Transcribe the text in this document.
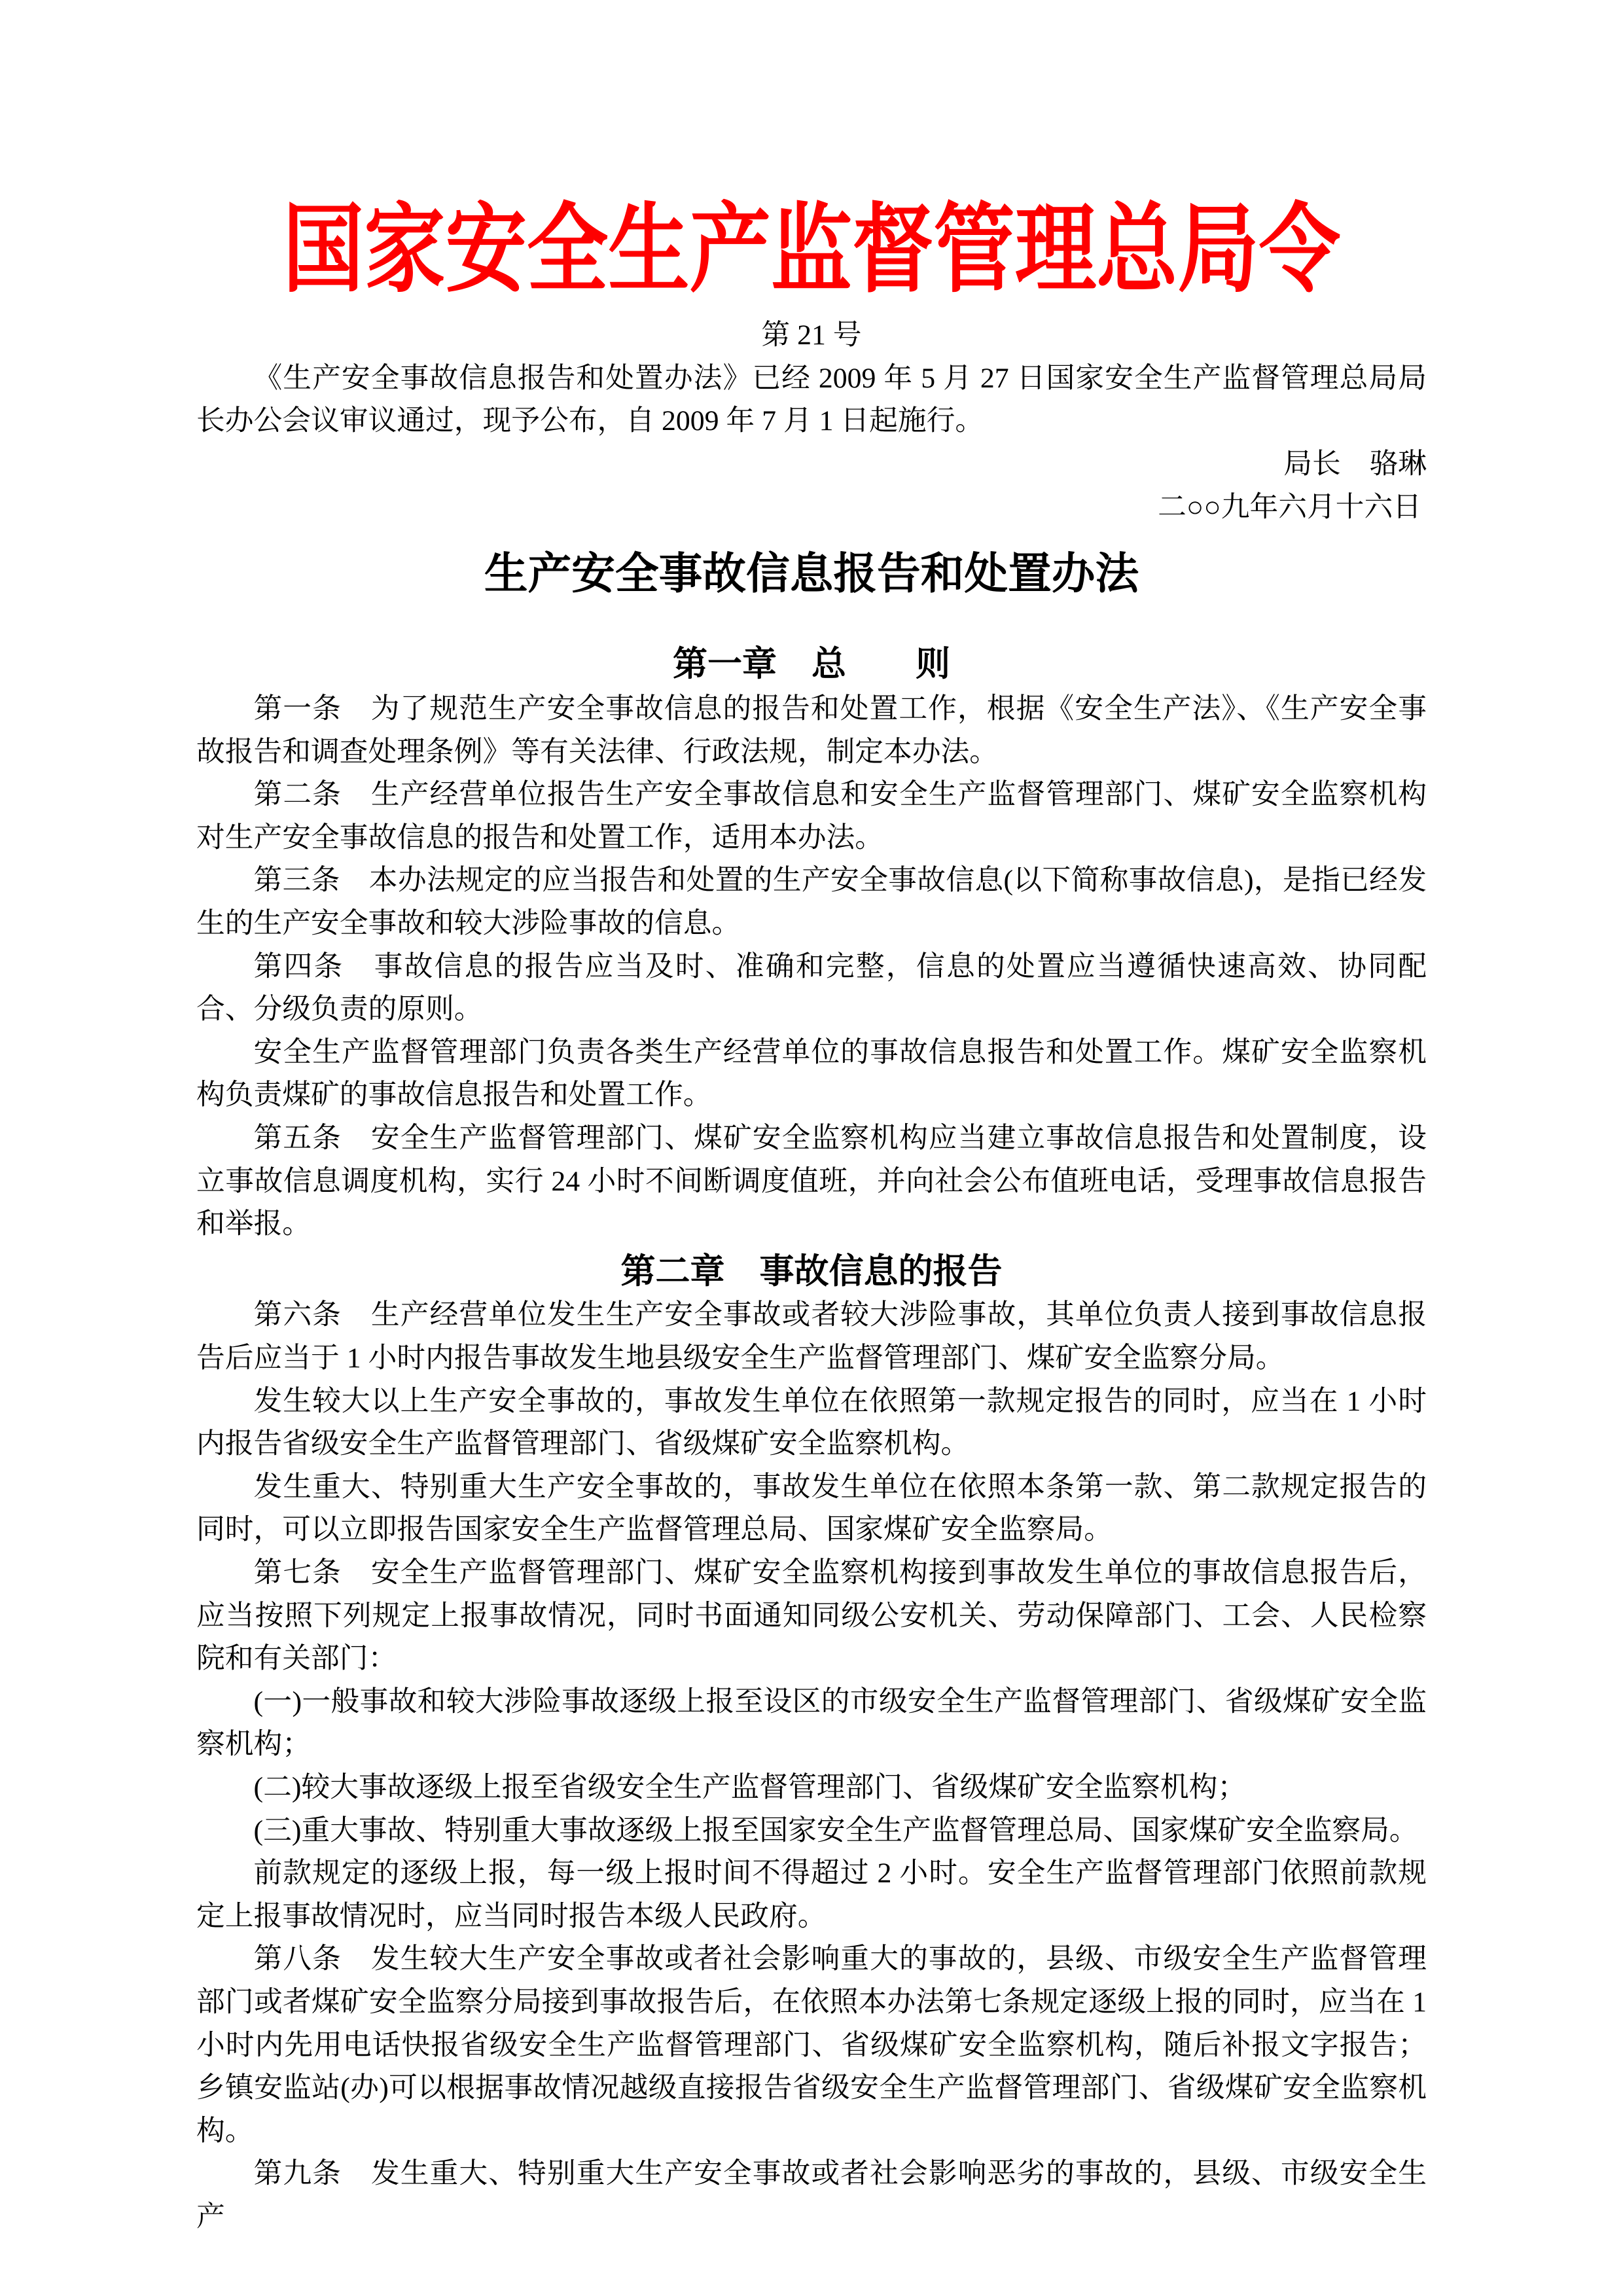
国家安全生产监督管理总局令
第 21 号

《生产安全事故信息报告和处置办法》已经 2009 年 5 月 27 日国家安全生产监督管理总局局长办公会议审议通过，现予公布，自 2009 年 7 月 1 日起施行。

局长　骆琳

二○○九年六月十六日

生产安全事故信息报告和处置办法
第一章　总　　则

第一条　为了规范生产安全事故信息的报告和处置工作，根据《安全生产法》、《生产安全事故报告和调查处理条例》等有关法律、行政法规，制定本办法。

第二条　生产经营单位报告生产安全事故信息和安全生产监督管理部门、煤矿安全监察机构对生产安全事故信息的报告和处置工作，适用本办法。

第三条　本办法规定的应当报告和处置的生产安全事故信息(以下简称事故信息)，是指已经发生的生产安全事故和较大涉险事故的信息。

第四条　事故信息的报告应当及时、准确和完整，信息的处置应当遵循快速高效、协同配合、分级负责的原则。

安全生产监督管理部门负责各类生产经营单位的事故信息报告和处置工作。煤矿安全监察机构负责煤矿的事故信息报告和处置工作。

第五条　安全生产监督管理部门、煤矿安全监察机构应当建立事故信息报告和处置制度，设立事故信息调度机构，实行 24 小时不间断调度值班，并向社会公布值班电话，受理事故信息报告和举报。

第二章　事故信息的报告

第六条　生产经营单位发生生产安全事故或者较大涉险事故，其单位负责人接到事故信息报告后应当于 1 小时内报告事故发生地县级安全生产监督管理部门、煤矿安全监察分局。

发生较大以上生产安全事故的，事故发生单位在依照第一款规定报告的同时，应当在 1 小时内报告省级安全生产监督管理部门、省级煤矿安全监察机构。

发生重大、特别重大生产安全事故的，事故发生单位在依照本条第一款、第二款规定报告的同时，可以立即报告国家安全生产监督管理总局、国家煤矿安全监察局。

第七条　安全生产监督管理部门、煤矿安全监察机构接到事故发生单位的事故信息报告后，应当按照下列规定上报事故情况，同时书面通知同级公安机关、劳动保障部门、工会、人民检察院和有关部门：

(一)一般事故和较大涉险事故逐级上报至设区的市级安全生产监督管理部门、省级煤矿安全监察机构；

(二)较大事故逐级上报至省级安全生产监督管理部门、省级煤矿安全监察机构；

(三)重大事故、特别重大事故逐级上报至国家安全生产监督管理总局、国家煤矿安全监察局。

前款规定的逐级上报，每一级上报时间不得超过 2 小时。安全生产监督管理部门依照前款规定上报事故情况时，应当同时报告本级人民政府。

第八条　发生较大生产安全事故或者社会影响重大的事故的，县级、市级安全生产监督管理部门或者煤矿安全监察分局接到事故报告后，在依照本办法第七条规定逐级上报的同时，应当在 1 小时内先用电话快报省级安全生产监督管理部门、省级煤矿安全监察机构，随后补报文字报告；乡镇安监站(办)可以根据事故情况越级直接报告省级安全生产监督管理部门、省级煤矿安全监察机构。

第九条　发生重大、特别重大生产安全事故或者社会影响恶劣的事故的，县级、市级安全生产
